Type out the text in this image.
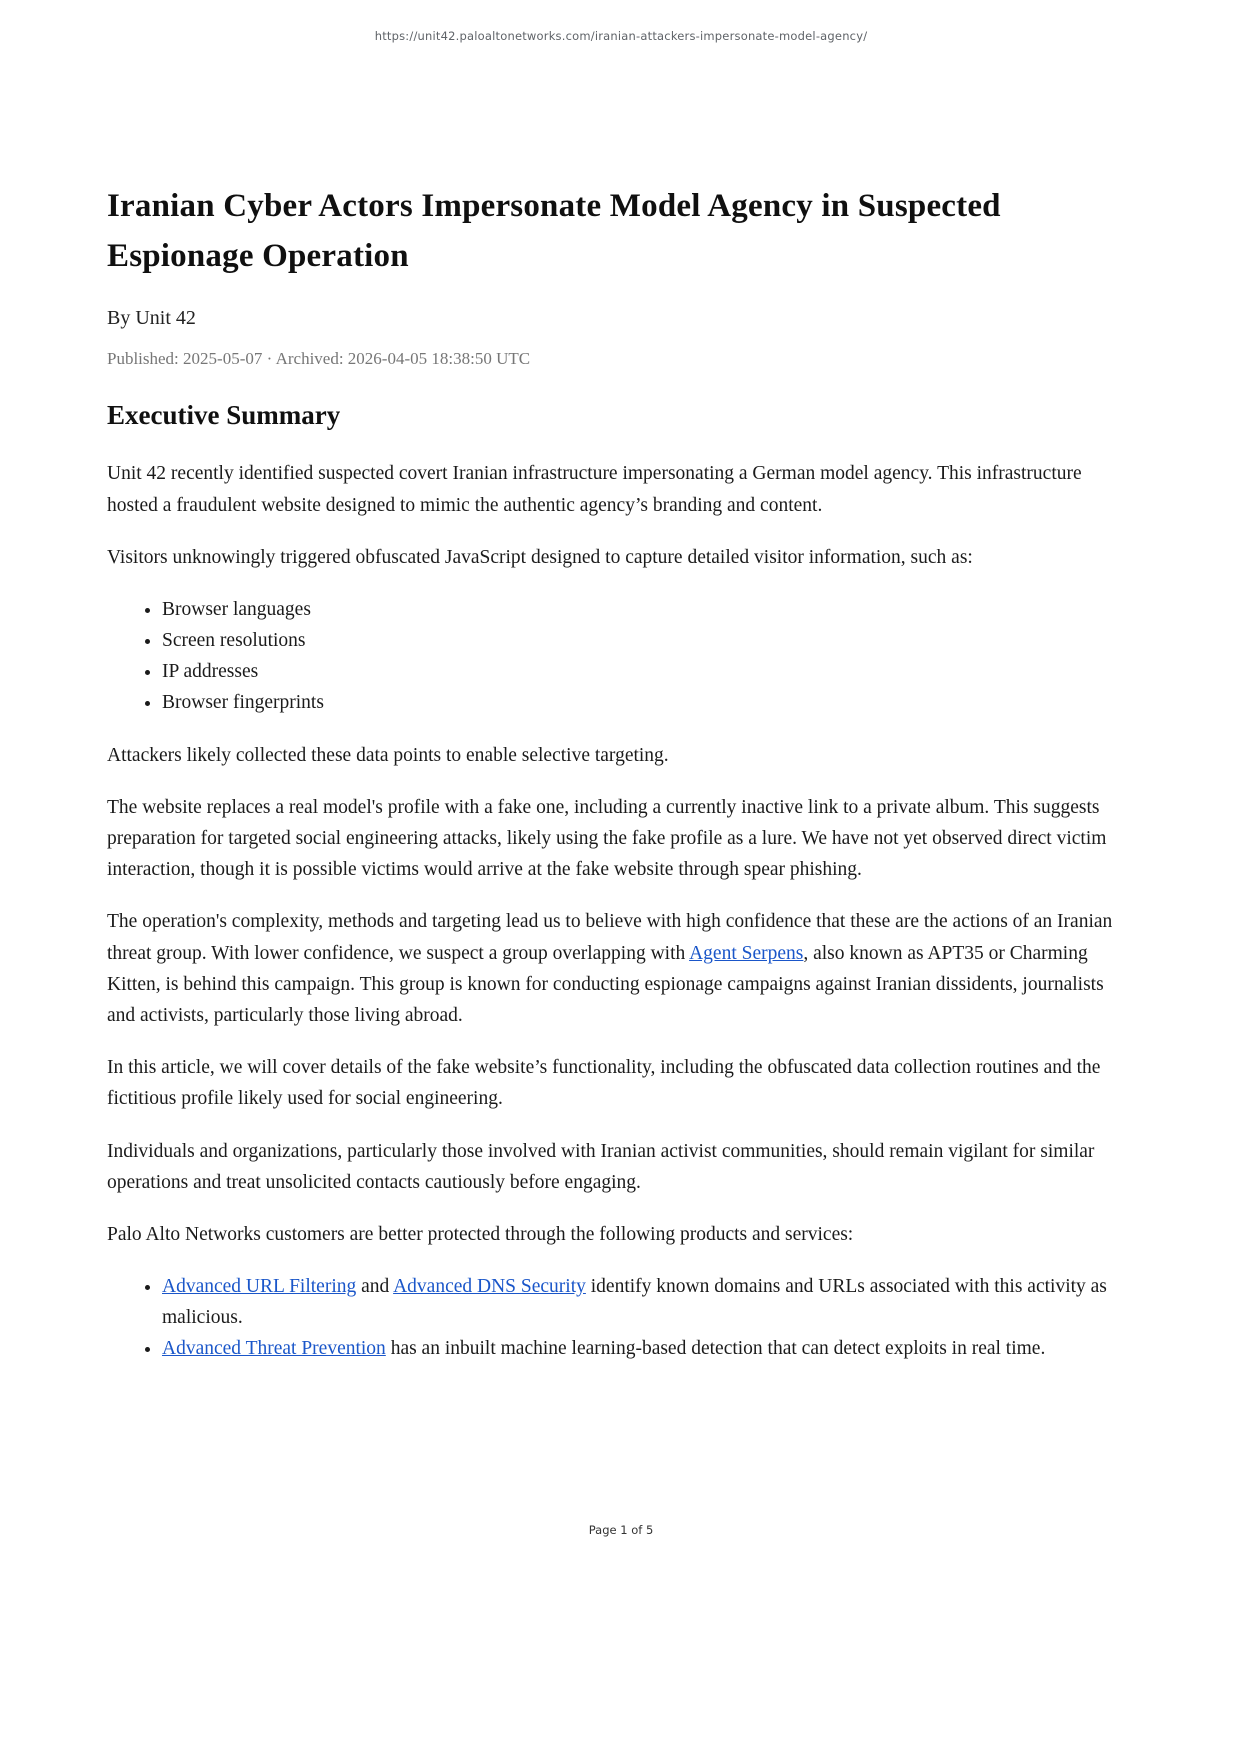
https://unit42.paloaltonetworks.com/iranian-attackers-impersonate-model-agency/
Iranian Cyber Actors Impersonate Model Agency in Suspected Espionage Operation
By Unit 42
Published: 2025-05-07 · Archived: 2026-04-05 18:38:50 UTC
Executive Summary

Unit 42 recently identified suspected covert Iranian infrastructure impersonating a German model agency. This infrastructure hosted a fraudulent website designed to mimic the authentic agency’s branding and content.

Visitors unknowingly triggered obfuscated JavaScript designed to capture detailed visitor information, such as:

• Browser languages
• Screen resolutions
• IP addresses
• Browser fingerprints

Attackers likely collected these data points to enable selective targeting.

The website replaces a real model's profile with a fake one, including a currently inactive link to a private album. This suggests preparation for targeted social engineering attacks, likely using the fake profile as a lure. We have not yet observed direct victim interaction, though it is possible victims would arrive at the fake website through spear phishing.

The operation's complexity, methods and targeting lead us to believe with high confidence that these are the actions of an Iranian threat group. With lower confidence, we suspect a group overlapping with Agent Serpens, also known as APT35 or Charming Kitten, is behind this campaign. This group is known for conducting espionage campaigns against Iranian dissidents, journalists and activists, particularly those living abroad.

In this article, we will cover details of the fake website’s functionality, including the obfuscated data collection routines and the fictitious profile likely used for social engineering.

Individuals and organizations, particularly those involved with Iranian activist communities, should remain vigilant for similar operations and treat unsolicited contacts cautiously before engaging.

Palo Alto Networks customers are better protected through the following products and services:

• Advanced URL Filtering and Advanced DNS Security identify known domains and URLs associated with this activity as malicious.
• Advanced Threat Prevention has an inbuilt machine learning-based detection that can detect exploits in real time.
Page 1 of 5
